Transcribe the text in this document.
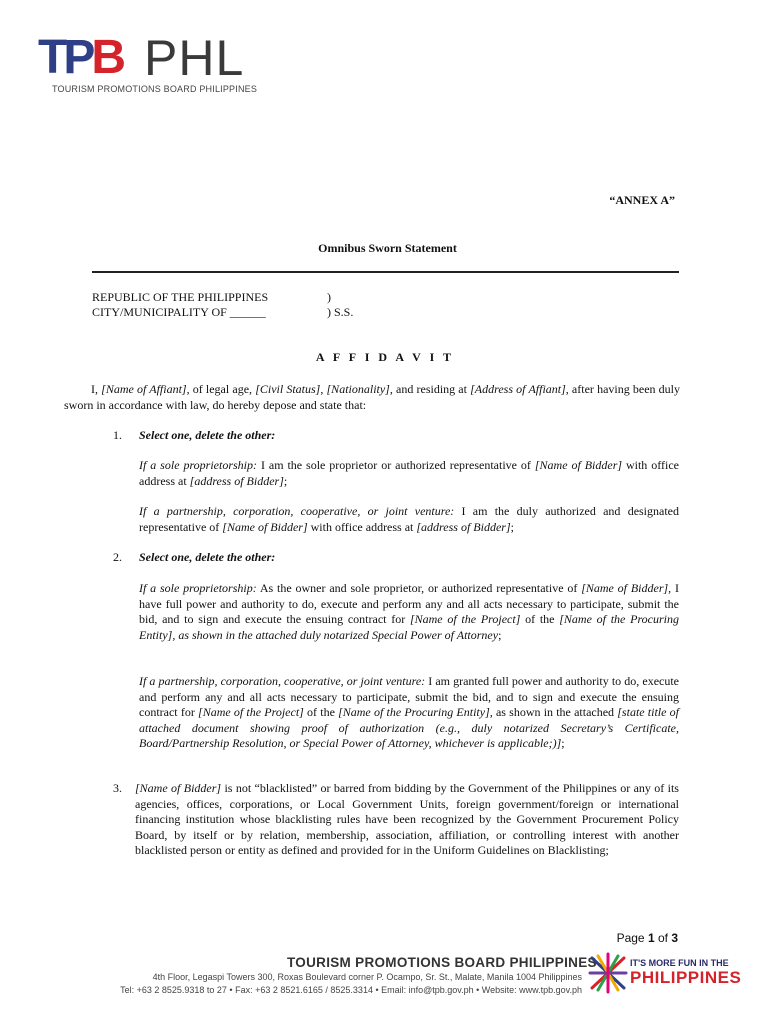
TPB PHL
TOURISM PROMOTIONS BOARD PHILIPPINES
“ANNEX A”
Omnibus Sworn Statement
REPUBLIC OF THE PHILIPPINES
CITY/MUNICIPALITY OF ______
)
) S.S.
A F F I D A V I T
I, [Name of Affiant], of legal age, [Civil Status], [Nationality], and residing at [Address of Affiant], after having been duly sworn in accordance with law, do hereby depose and state that:
1. Select one, delete the other:
If a sole proprietorship: I am the sole proprietor or authorized representative of [Name of Bidder] with office address at [address of Bidder];
If a partnership, corporation, cooperative, or joint venture: I am the duly authorized and designated representative of [Name of Bidder] with office address at [address of Bidder];
2. Select one, delete the other:
If a sole proprietorship: As the owner and sole proprietor, or authorized representative of [Name of Bidder], I have full power and authority to do, execute and perform any and all acts necessary to participate, submit the bid, and to sign and execute the ensuing contract for [Name of the Project] of the [Name of the Procuring Entity], as shown in the attached duly notarized Special Power of Attorney;
If a partnership, corporation, cooperative, or joint venture: I am granted full power and authority to do, execute and perform any and all acts necessary to participate, submit the bid, and to sign and execute the ensuing contract for [Name of the Project] of the [Name of the Procuring Entity], as shown in the attached [state title of attached document showing proof of authorization (e.g., duly notarized Secretary’s Certificate, Board/Partnership Resolution, or Special Power of Attorney, whichever is applicable;)];
3. [Name of Bidder] is not “blacklisted” or barred from bidding by the Government of the Philippines or any of its agencies, offices, corporations, or Local Government Units, foreign government/foreign or international financing institution whose blacklisting rules have been recognized by the Government Procurement Policy Board, by itself or by relation, membership, association, affiliation, or controlling interest with another blacklisted person or entity as defined and provided for in the Uniform Guidelines on Blacklisting;
Page 1 of 3
TOURISM PROMOTIONS BOARD PHILIPPINES
4th Floor, Legaspi Towers 300, Roxas Boulevard corner P. Ocampo, Sr. St., Malate, Manila 1004 Philippines
Tel: +63 2 8525.9318 to 27 • Fax: +63 2 8521.6165 / 8525.3314 • Email: info@tpb.gov.ph • Website: www.tpb.gov.ph
IT'S MORE FUN IN THE
PHILIPPINES
